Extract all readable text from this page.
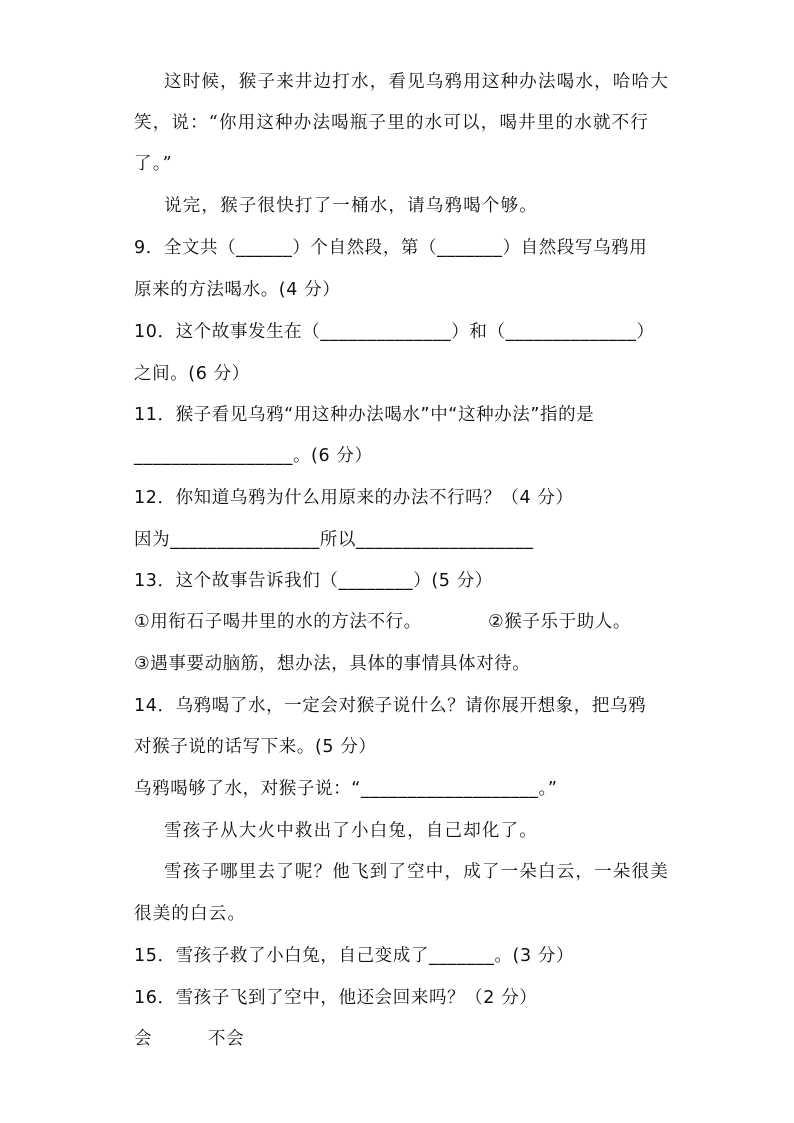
这时候，猴子来井边打水，看见乌鸦用这种办法喝水，哈哈大
笑，说：“你用这种办法喝瓶子里的水可以，喝井里的水就不行
了。”
说完，猴子很快打了一桶水，请乌鸦喝个够。
9．全文共（______）个自然段，第（_______）自然段写乌鸦用
原来的方法喝水。(4 分）
10．这个故事发生在（______________）和（______________）
之间。(6 分）
11．猴子看见乌鸦“用这种办法喝水”中“这种办法”指的是
_________________。(6 分）
12．你知道乌鸦为什么用原来的办法不行吗？（4 分）
因为________________所以___________________
13．这个故事告诉我们（________）(5 分）
①用衔石子喝井里的水的方法不行。	②猴子乐于助人。
③遇事要动脑筋，想办法，具体的事情具体对待。
14．乌鸦喝了水，一定会对猴子说什么？请你展开想象，把乌鸦
对猴子说的话写下来。(5 分）
乌鸦喝够了水，对猴子说：“___________________。”
雪孩子从大火中救出了小白兔，自己却化了。
雪孩子哪里去了呢？他飞到了空中，成了一朵白云，一朵很美
很美的白云。
15．雪孩子救了小白兔，自己变成了_______。(3 分）
16．雪孩子飞到了空中，他还会回来吗？（2 分）
会	不会
